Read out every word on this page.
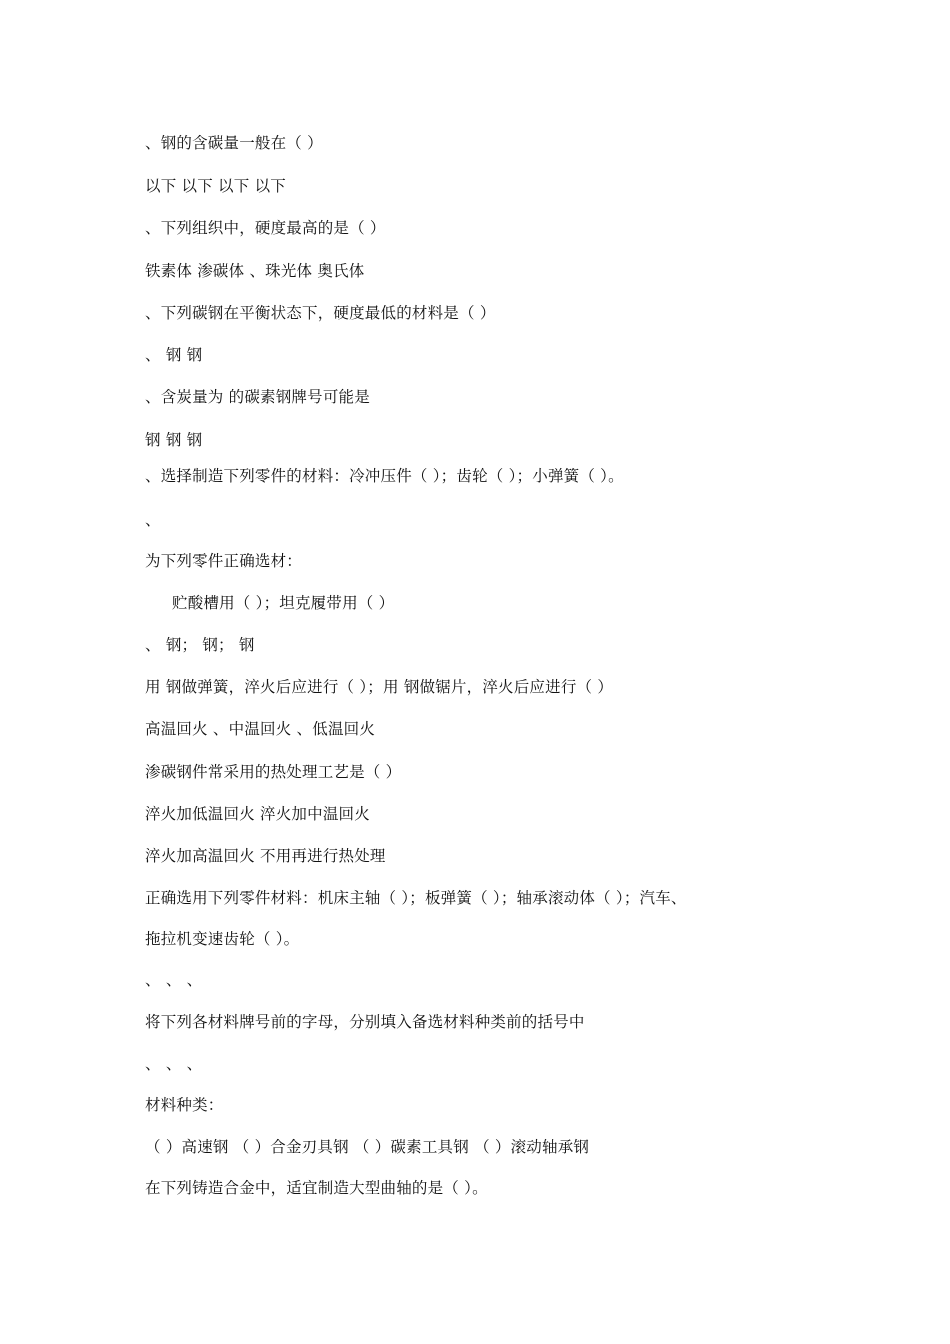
、钢的含碳量一般在（ ）
以下 以下 以下 以下
、下列组织中，硬度最高的是（ ）
铁素体 渗碳体 、珠光体 奥氏体
、下列碳钢在平衡状态下，硬度最低的材料是（ ）
、 钢 钢
、含炭量为 的碳素钢牌号可能是
钢 钢 钢
、选择制造下列零件的材料：冷冲压件（ ）；齿轮（ ）；小弹簧（ ）。
、
为下列零件正确选材：
贮酸槽用（ ）；坦克履带用（ ）
、 钢； 钢； 钢
用 钢做弹簧，淬火后应进行（ ）；用 钢做锯片，淬火后应进行（ ）
高温回火 、中温回火 、低温回火
渗碳钢件常采用的热处理工艺是（ ）
淬火加低温回火 淬火加中温回火
淬火加高温回火 不用再进行热处理
正确选用下列零件材料：机床主轴（ ）；板弹簧（ ）；轴承滚动体（ ）；汽车、
拖拉机变速齿轮（ ）。
、 、 、
将下列各材料牌号前的字母，分别填入备选材料种类前的括号中
、 、 、
材料种类：
（ ）高速钢 （ ）合金刃具钢 （ ）碳素工具钢 （ ）滚动轴承钢
在下列铸造合金中，适宜制造大型曲轴的是（ ）。
